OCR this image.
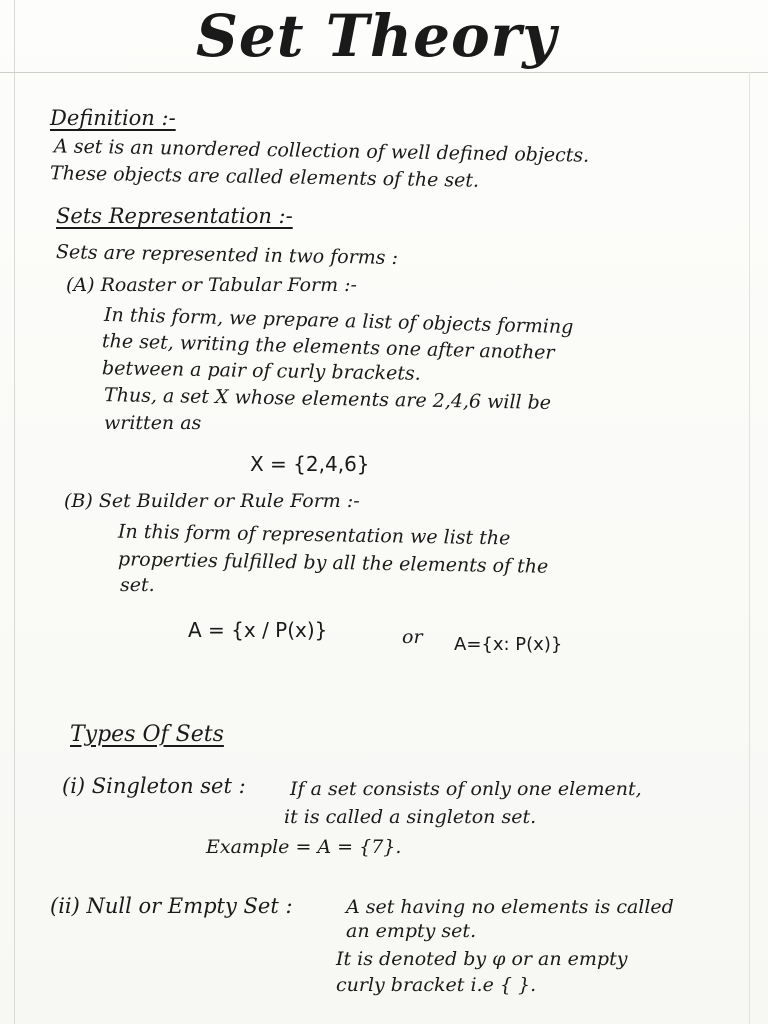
Set Theory
Definition :-
A set is an unordered collection of well defined objects.
These objects are called elements of the set.
Sets Representation :-
Sets are represented in two forms :
(A) Roaster or Tabular Form :-
In this form, we prepare a list of objects forming
the set, writing the elements one after another
between a pair of curly brackets.
Thus, a set X whose elements are 2,4,6 will be
written as
X = {2,4,6}
(B) Set Builder or Rule Form :-
In this form of representation we list the
properties fulfilled by all the elements of the
set.
A = {x / P(x)}	or A={x: P(x)}
Types Of Sets
(i) Singleton set : If a set consists of only one element,
it is called a singleton set.
Example = A = {7}.
(ii) Null or Empty Set :	A set having no elements is called
an empty set.
It is denoted by φ or an empty
curly bracket i.e { }.
